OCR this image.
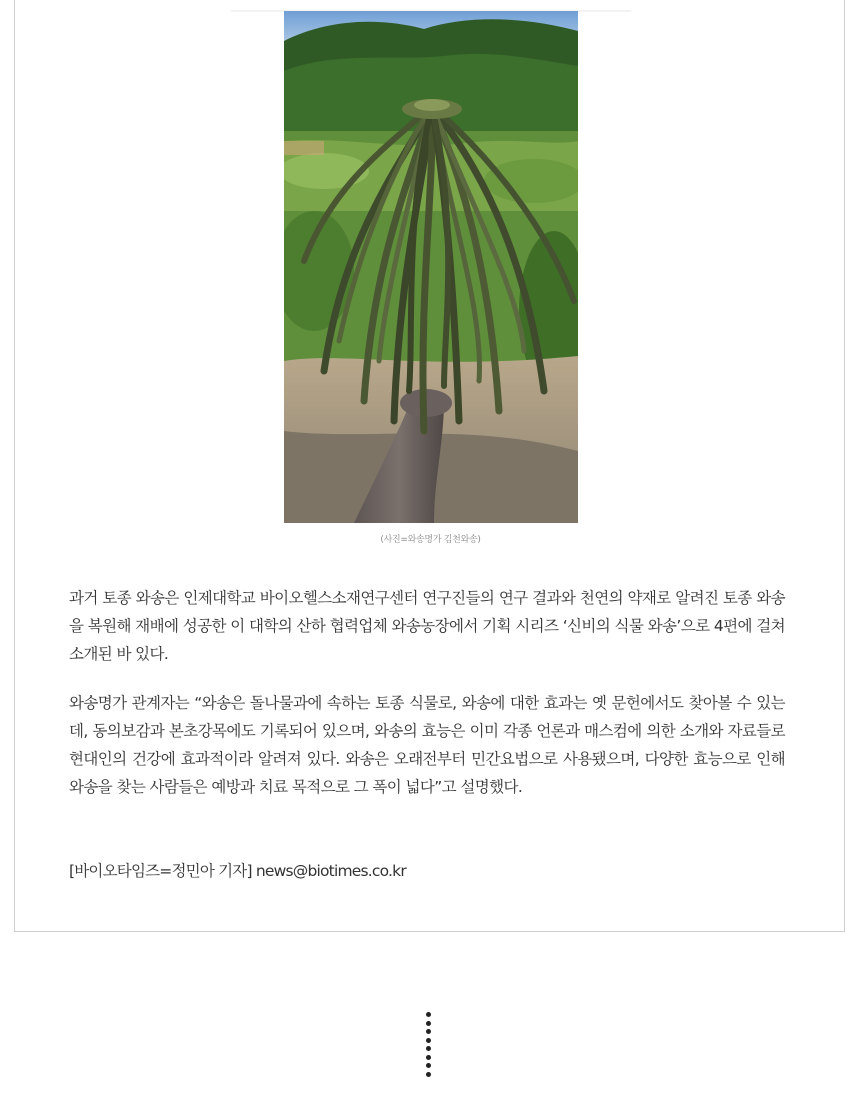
(사진=와송명가 김천와송)

과거 토종 와송은 인제대학교 바이오헬스소재연구센터 연구진들의 연구 결과와 천연의 약재로 알려진 토종 와송을 복원해 재배에 성공한 이 대학의 산하 협력업체 와송농장에서 기획 시리즈 ‘신비의 식물 와송’으로 4편에 걸쳐 소개된 바 있다.

와송명가 관계자는 “와송은 돌나물과에 속하는 토종 식물로, 와송에 대한 효과는 옛 문헌에서도 찾아볼 수 있는데, 동의보감과 본초강목에도 기록되어 있으며, 와송의 효능은 이미 각종 언론과 매스컴에 의한 소개와 자료들로 현대인의 건강에 효과적이라 알려져 있다. 와송은 오래전부터 민간요법으로 사용됐으며, 다양한 효능으로 인해 와송을 찾는 사람들은 예방과 치료 목적으로 그 폭이 넓다”고 설명했다.

[바이오타임즈=정민아 기자] news@biotimes.co.kr
